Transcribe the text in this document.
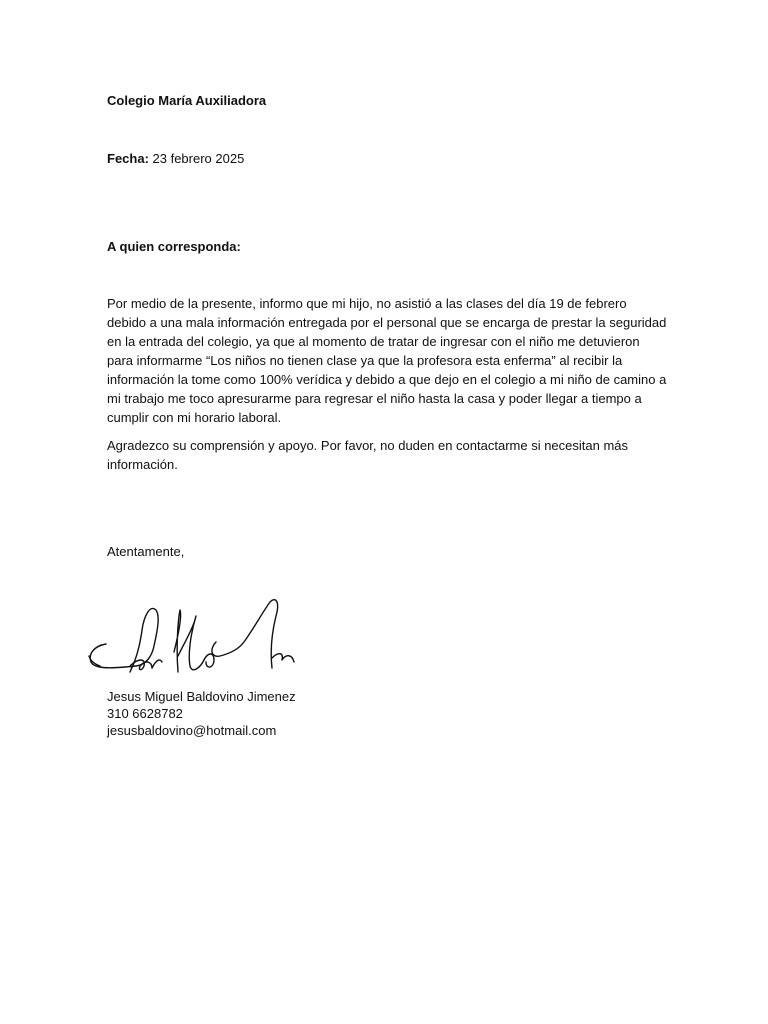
Colegio María Auxiliadora
Fecha: 23 febrero 2025
A quien corresponda:
Por medio de la presente, informo que mi hijo, no asistió a las clases del día 19 de febrero debido a una mala información entregada por el personal que se encarga de prestar la seguridad en la entrada del colegio, ya que al momento de tratar de ingresar con el niño me detuvieron para informarme “Los niños no tienen clase ya que la profesora esta enferma” al recibir la información la tome como 100% verídica y debido a que dejo en el colegio a mi niño de camino a mi trabajo me toco apresurarme para regresar el niño hasta la casa y poder llegar a tiempo a cumplir con mi horario laboral.
Agradezco su comprensión y apoyo. Por favor, no duden en contactarme si necesitan más información.
Atentamente,
Jesus Miguel Baldovino Jimenez
310 6628782
jesusbaldovino@hotmail.com
